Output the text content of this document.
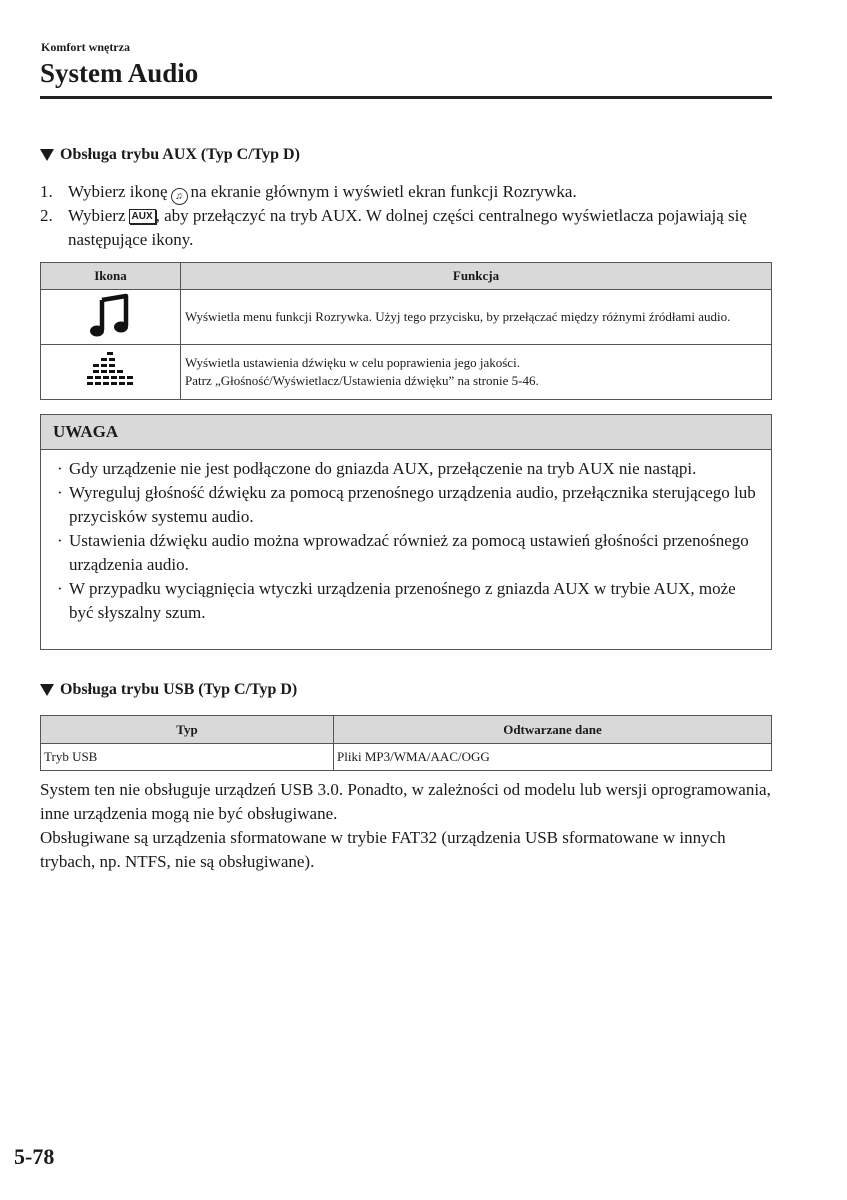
Komfort wnętrza
System Audio
Obsługa trybu AUX (Typ C/Typ D)
1. Wybierz ikonę ♫ na ekranie głównym i wyświetl ekran funkcji Rozrywka.
2. Wybierz AUX , aby przełączyć na tryb AUX. W dolnej części centralnego wyświetlacza pojawiają się następujące ikony.
Ikona	Funkcja
	Wyświetla menu funkcji Rozrywka. Użyj tego przycisku, by przełączać między różnymi źródłami audio.

Wyświetla ustawienia dźwięku w celu poprawienia jego jakości.
Patrz „Głośność/Wyświetlacz/Ustawienia dźwięku” na stronie 5-46.
UWAGA
· Gdy urządzenie nie jest podłączone do gniazda AUX, przełączenie na tryb AUX nie nastąpi.
· Wyreguluj głośność dźwięku za pomocą przenośnego urządzenia audio, przełącznika sterującego lub przycisków systemu audio.
· Ustawienia dźwięku audio można wprowadzać również za pomocą ustawień głośności przenośnego urządzenia audio.
· W przypadku wyciągnięcia wtyczki urządzenia przenośnego z gniazda AUX w trybie AUX, może być słyszalny szum.
Obsługa trybu USB (Typ C/Typ D)
Typ	Odtwarzane dane
Tryb USB	Pliki MP3/WMA/AAC/OGG
System ten nie obsługuje urządzeń USB 3.0. Ponadto, w zależności od modelu lub wersji oprogramowania, inne urządzenia mogą nie być obsługiwane.
Obsługiwane są urządzenia sformatowane w trybie FAT32 (urządzenia USB sformatowane w innych trybach, np. NTFS, nie są obsługiwane).
5-78
